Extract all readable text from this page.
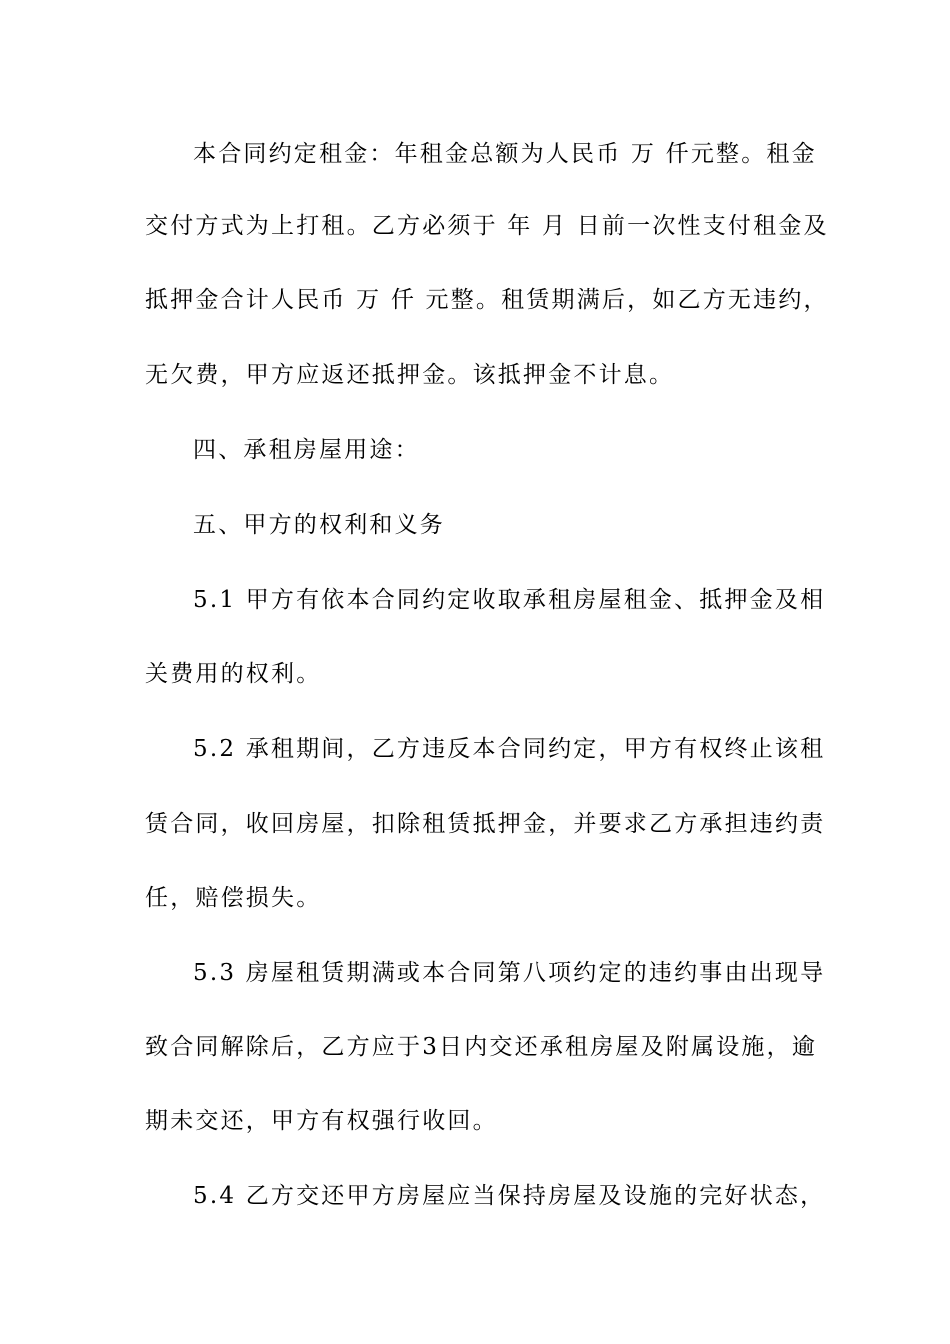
本合同约定租金：年租金总额为人民币 万 仟元整。租金
交付方式为上打租。乙方必须于 年 月 日前一次性支付租金及
抵押金合计人民币 万 仟 元整。租赁期满后，如乙方无违约，
无欠费，甲方应返还抵押金。该抵押金不计息。
四、承租房屋用途：
五、甲方的权利和义务
5.1 甲方有依本合同约定收取承租房屋租金、抵押金及相
关费用的权利。
5.2 承租期间，乙方违反本合同约定，甲方有权终止该租
赁合同，收回房屋，扣除租赁抵押金，并要求乙方承担违约责
任，赔偿损失。
5.3 房屋租赁期满或本合同第八项约定的违约事由出现导
致合同解除后，乙方应于3日内交还承租房屋及附属设施，逾
期未交还，甲方有权强行收回。
5.4 乙方交还甲方房屋应当保持房屋及设施的完好状态，
